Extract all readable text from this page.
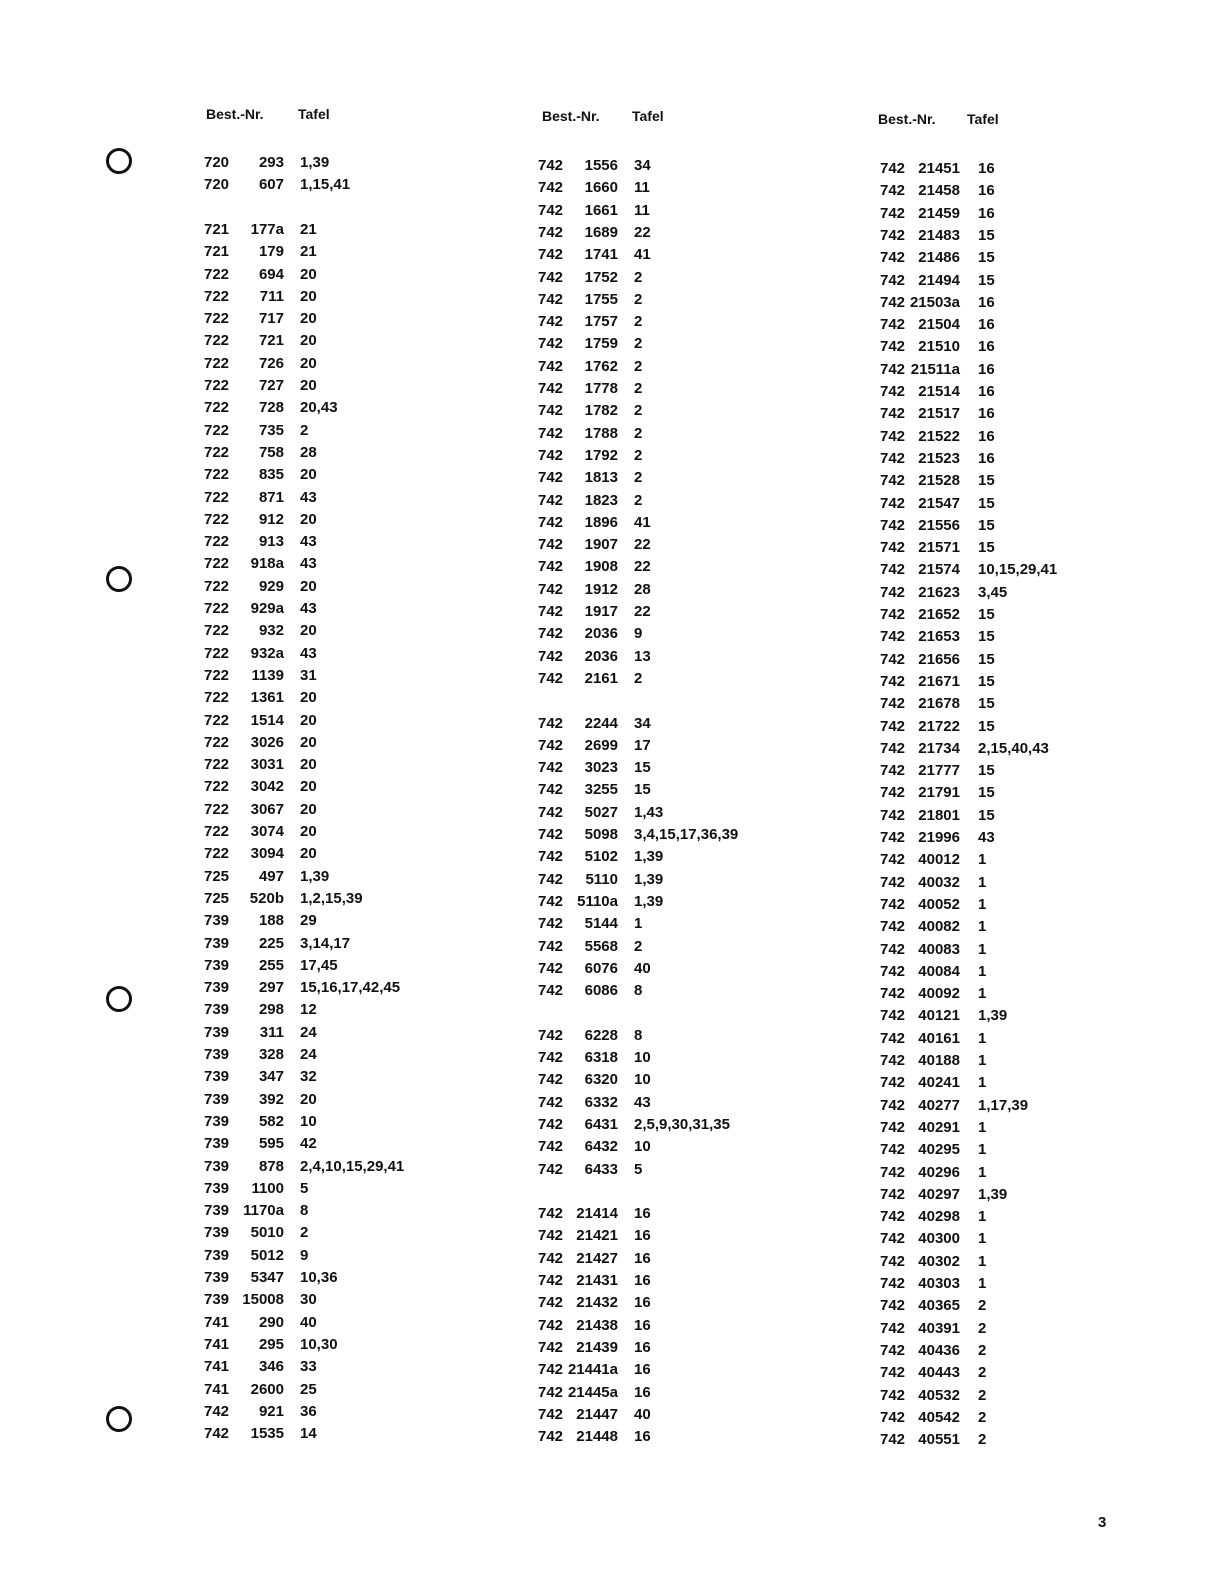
Best.-Nr. Tafel
720	293 1,39
720	607 1,15,41
721	177a 21
721	179 21
722	694 20
722	711 20
722	717 20
722	721 20
722	726 20
722	727 20
722	728 20,43
722	735 2
722	758 28
722	835 20
722	871 43
722	912 20
722	913 43
722	918a 43
722	929 20
722	929a 43
722	932 20
722	932a 43
722	1139 31
722	1361 20
722	1514 20
722	3026 20
722	3031 20
722	3042 20
722	3067 20
722	3074 20
722	3094 20
725	497 1,39
725	520b 1,2,15,39
739	188 29
739	225 3,14,17
739	255 17,45
739	297 15,16,17,42,45
739	298 12
739	311 24
739	328 24
739	347 32
739	392 20
739	582 10
739	595 42
739	878 2,4,10,15,29,41
739	1100 5
739 1170a 8
739	5010 2
739	5012 9
739	5347 10,36
739 15008 30
741	290 40
741	295 10,30
741	346 33
741	2600 25
742	921 36
742	1535 14
Best.-Nr. Tafel
742	1556 34
742	1660 11
742	1661 11
742	1689 22
742	1741 41
742	1752 2
742	1755 2
742	1757 2
742	1759 2
742	1762 2
742	1778 2
742	1782 2
742	1788 2
742	1792 2
742	1813 2
742	1823 2
742	1896 41
742	1907 22
742	1908 22
742	1912 28
742	1917 22
742	2036 9
742	2036 13
742	2161 2
742	2244 34
742	2699 17
742	3023 15
742	3255 15
742	5027 1,43
742	5098 3,4,15,17,36,39
742	5102 1,39
742	5110 1,39
742 5110a 1,39
742	5144 1
742	5568 2
742	6076 40
742	6086 8
742	6228 8
742	6318 10
742	6320 10
742	6332 43
742	6431 2,5,9,30,31,35
742	6432 10
742	6433 5
742 21414 16
742 21421 16
742 21427 16
742 21431 16
742 21432 16
742 21438 16
742 21439 16
742 21441a 16
742 21445a 16
742 21447 40
742 21448 16
Best.-Nr. Tafel
742 21451 16
742 21458 16
742 21459 16
742 21483 15
742 21486 15
742 21494 15
742 21503a 16
742 21504 16
742 21510 16
742 21511a 16
742 21514 16
742 21517 16
742 21522 16
742 21523 16
742 21528 15
742 21547 15
742 21556 15
742 21571 15
742 21574 10,15,29,41
742 21623 3,45
742 21652 15
742 21653 15
742 21656 15
742 21671 15
742 21678 15
742 21722 15
742 21734 2,15,40,43
742 21777 15
742 21791 15
742 21801 15
742 21996 43
742 40012 1
742 40032 1
742 40052 1
742 40082 1
742 40083 1
742 40084 1
742 40092 1
742 40121 1,39
742 40161 1
742 40188 1
742 40241 1
742 40277 1,17,39
742 40291 1
742 40295 1
742 40296 1
742 40297 1,39
742 40298 1
742 40300 1
742 40302 1
742 40303 1
742 40365 2
742 40391 2
742 40436 2
742 40443 2
742 40532 2
742 40542 2
742 40551 2
3
